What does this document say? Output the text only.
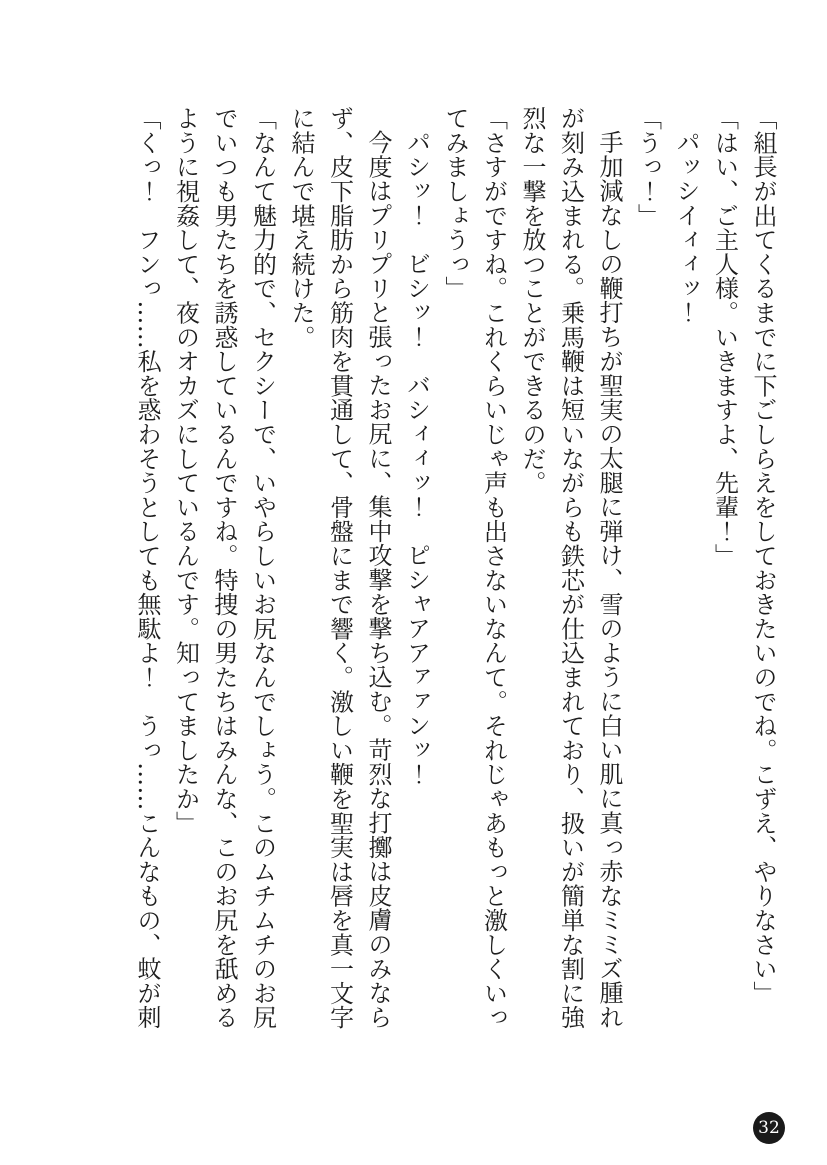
「組長が出てくるまでに下ごしらえをしておきたいのでね。こずえ、やりなさい」

「はい、ご主人様。いきますよ、先輩！」

パッシイィィッ！

「うっ！」

手加減なしの鞭打ちが聖実の太腿に弾け、雪のように白い肌に真っ赤なミミズ腫れが刻み込まれる。乗馬鞭は短いながらも鉄芯が仕込まれており、扱いが簡単な割に強烈な一撃を放つことができるのだ。

「さすがですね。これくらいじゃ声も出さないなんて。それじゃあもっと激しくいってみましょうっ」

パシッ！　ビシッ！　バシィィッ！　ピシャアアァァンッ！

今度はプリプリと張ったお尻に、集中攻撃を撃ち込む。苛烈な打擲は皮膚のみならず、皮下脂肪から筋肉を貫通して、骨盤にまで響く。激しい鞭を聖実は唇を真一文字に結んで堪え続けた。

「なんて魅力的で、セクシーで、いやらしいお尻なんでしょう。このムチムチのお尻でいつも男たちを誘惑しているんですね。特捜の男たちはみんな、このお尻を舐めるように視姦して、夜のオカズにしているんです。知ってましたか」

「くっ！　フンっ……私を惑わそうとしても無駄よ！　うっ……こんなもの、蚊が刺

32
